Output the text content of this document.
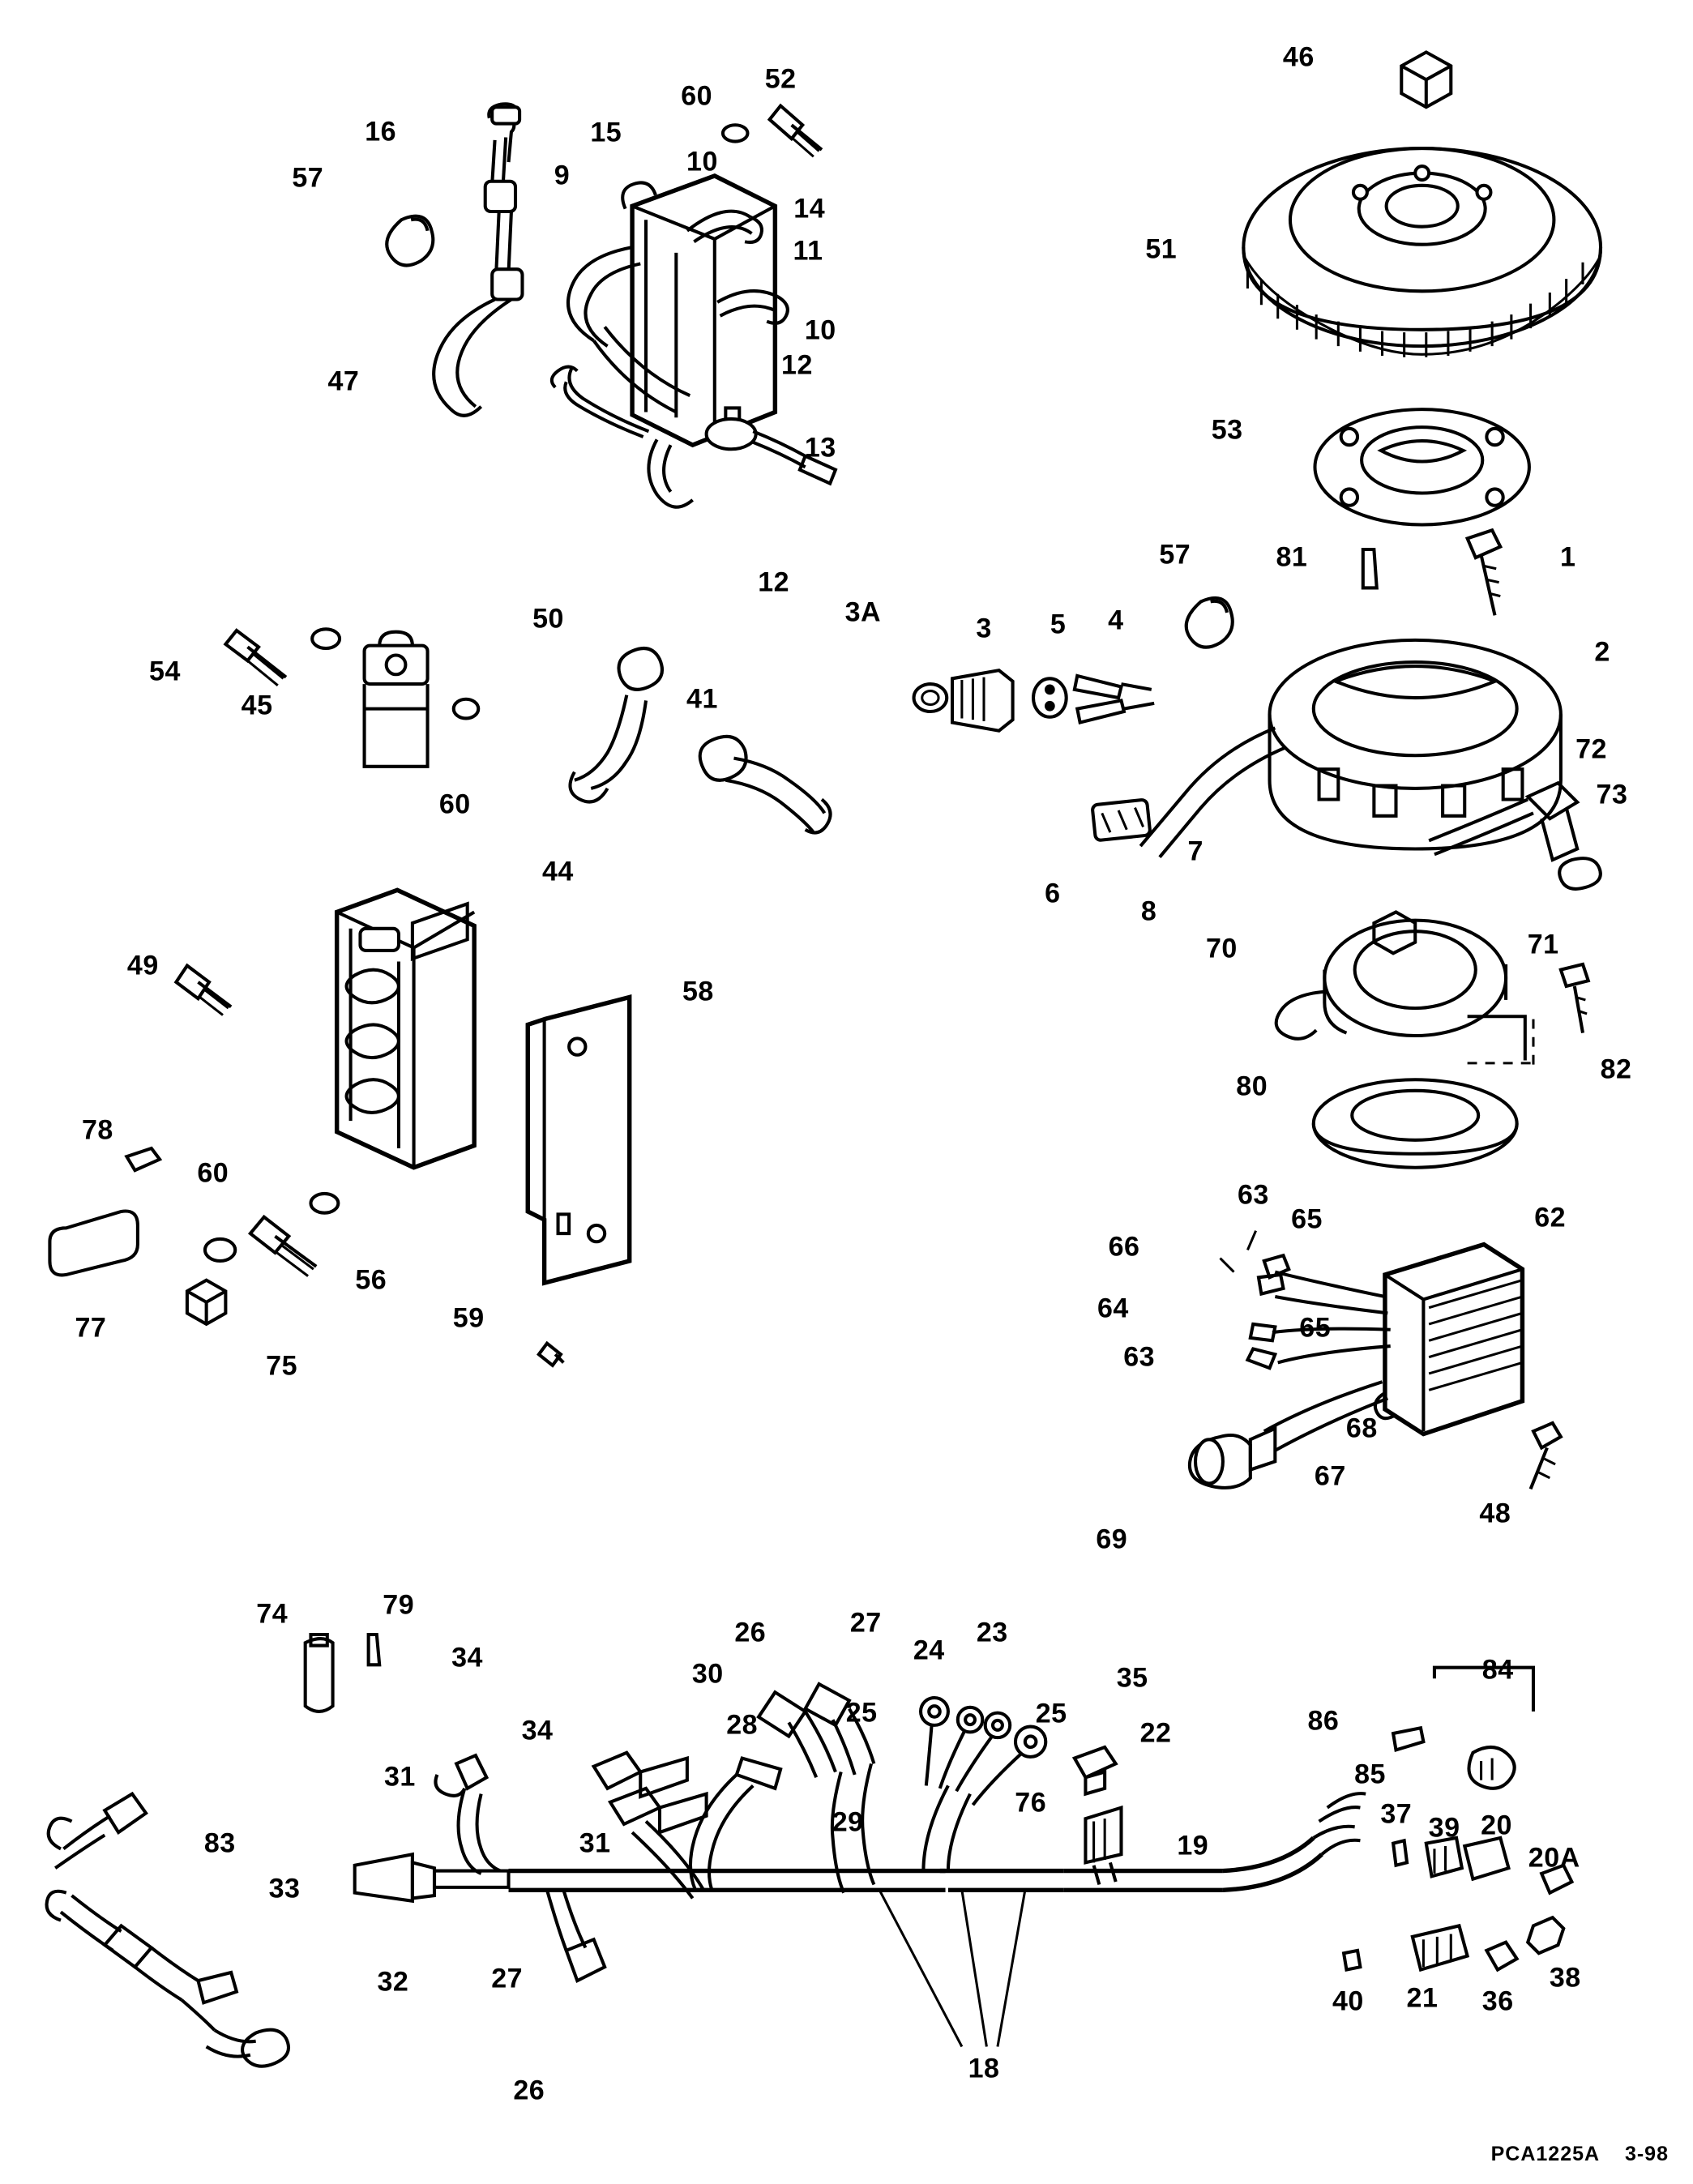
16	15
57	9	10
60
52
14
11
10
12
13
47
12
46
51
53
81	1
54
45
50
60
41
3A
3 5 4
57
2
72
73
6
7
8
71
70
82
80
49
44
58
78
60
56
77
75
59
63
65
66
62
64
65
63
68
67
69
48
74	79
34
26	27
24
23
30
25	25
35
34	28
31
22	86
84
85
76
29
31	19
37 39 20
20A
83
33
32	27
26
18
40 21 36
38
PCA1225A 3-98
